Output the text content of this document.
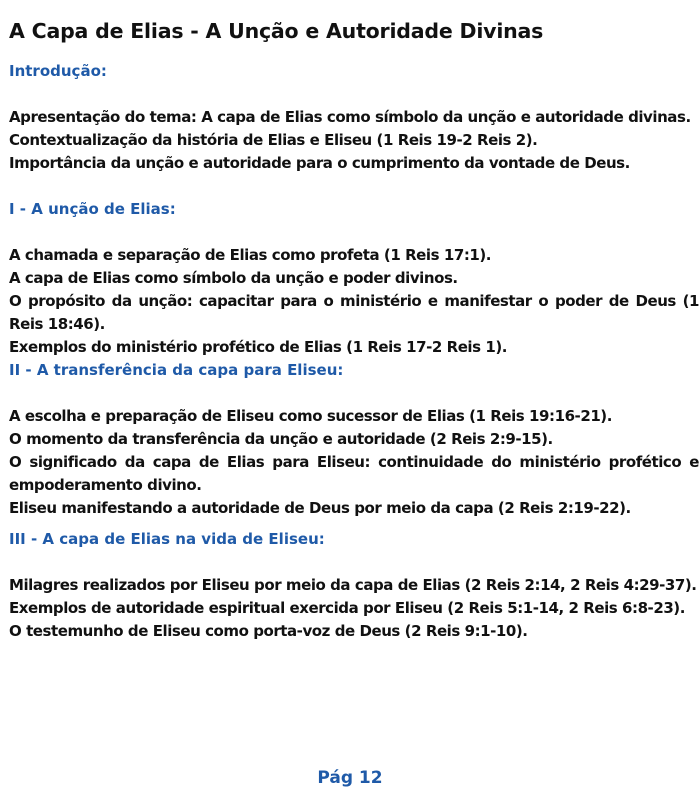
A Capa de Elias - A Unção e Autoridade Divinas

Introdução:

Apresentação do tema: A capa de Elias como símbolo da unção e autoridade divinas.

Contextualização da história de Elias e Eliseu (1 Reis 19-2 Reis 2).

Importância da unção e autoridade para o cumprimento da vontade de Deus.

I - A unção de Elias:

A chamada e separação de Elias como profeta (1 Reis 17:1).

A capa de Elias como símbolo da unção e poder divinos.

O propósito da unção: capacitar para o ministério e manifestar o poder de Deus (1 Reis 18:46).

Exemplos do ministério profético de Elias (1 Reis 17-2 Reis 1).

II - A transferência da capa para Eliseu:

A escolha e preparação de Eliseu como sucessor de Elias (1 Reis 19:16-21).

O momento da transferência da unção e autoridade (2 Reis 2:9-15).

O significado da capa de Elias para Eliseu: continuidade do ministério profético e empoderamento divino.

Eliseu manifestando a autoridade de Deus por meio da capa (2 Reis 2:19-22).

III - A capa de Elias na vida de Eliseu:

Milagres realizados por Eliseu por meio da capa de Elias (2 Reis 2:14, 2 Reis 4:29-37).

Exemplos de autoridade espiritual exercida por Eliseu (2 Reis 5:1-14, 2 Reis 6:8-23).

O testemunho de Eliseu como porta-voz de Deus (2 Reis 9:1-10).

Pág 12
